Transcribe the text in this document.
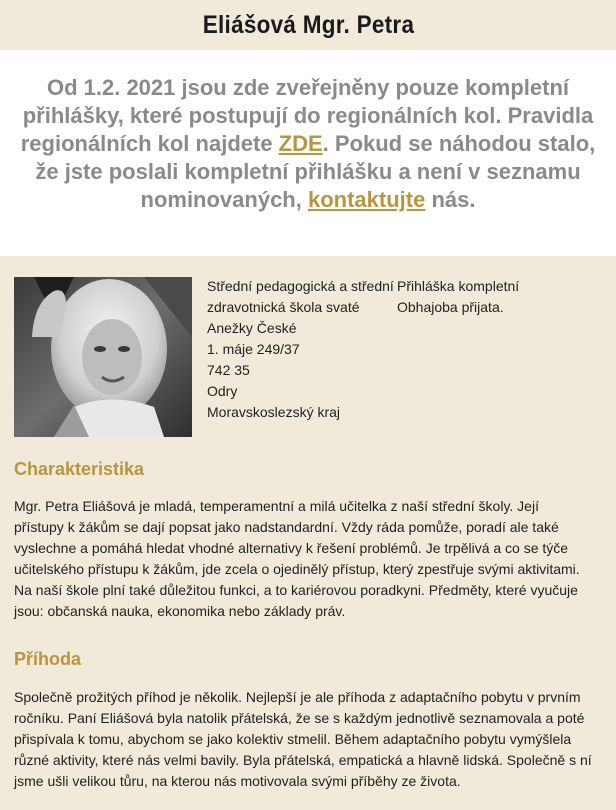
Eliášová Mgr. Petra
Od 1.2. 2021 jsou zde zveřejněny pouze kompletní přihlášky, které postupují do regionálních kol. Pravidla regionálních kol najdete ZDE. Pokud se náhodou stalo, že jste poslali kompletní přihlášku a není v seznamu nominovaných, kontaktujte nás.
Střední pedagogická a střední zdravotnická škola svaté Anežky České
1. máje 249/37
742 35
Odry
Moravskoslezský kraj
Přihláška kompletní
Obhajoba přijata.
Charakteristika

Mgr. Petra Eliášová je mladá, temperamentní a milá učitelka z naší střední školy. Její přístupy k žákům se dají popsat jako nadstandardní. Vždy ráda pomůže, poradí ale také vyslechne a pomáhá hledat vhodné alternativy k řešení problémů. Je trpělivá a co se týče učitelského přístupu k žákům, jde zcela o ojedinělý přístup, který zpestřuje svými aktivitami. Na naší škole plní také důležitou funkci, a to kariérovou poradkyni. Předměty, které vyučuje jsou: občanská nauka, ekonomika nebo základy práv.

Příhoda

Společně prožitých příhod je několik. Nejlepší je ale příhoda z adaptačního pobytu v prvním ročníku. Paní Eliášová byla natolik přátelská, že se s každým jednotlivě seznamovala a poté přispívala k tomu, abychom se jako kolektiv stmelil. Během adaptačního pobytu vymýšlela různé aktivity, které nás velmi bavily. Byla přátelská, empatická a hlavně lidská. Společně s ní jsme ušli velikou tůru, na kterou nás motivovala svými příběhy ze života.
